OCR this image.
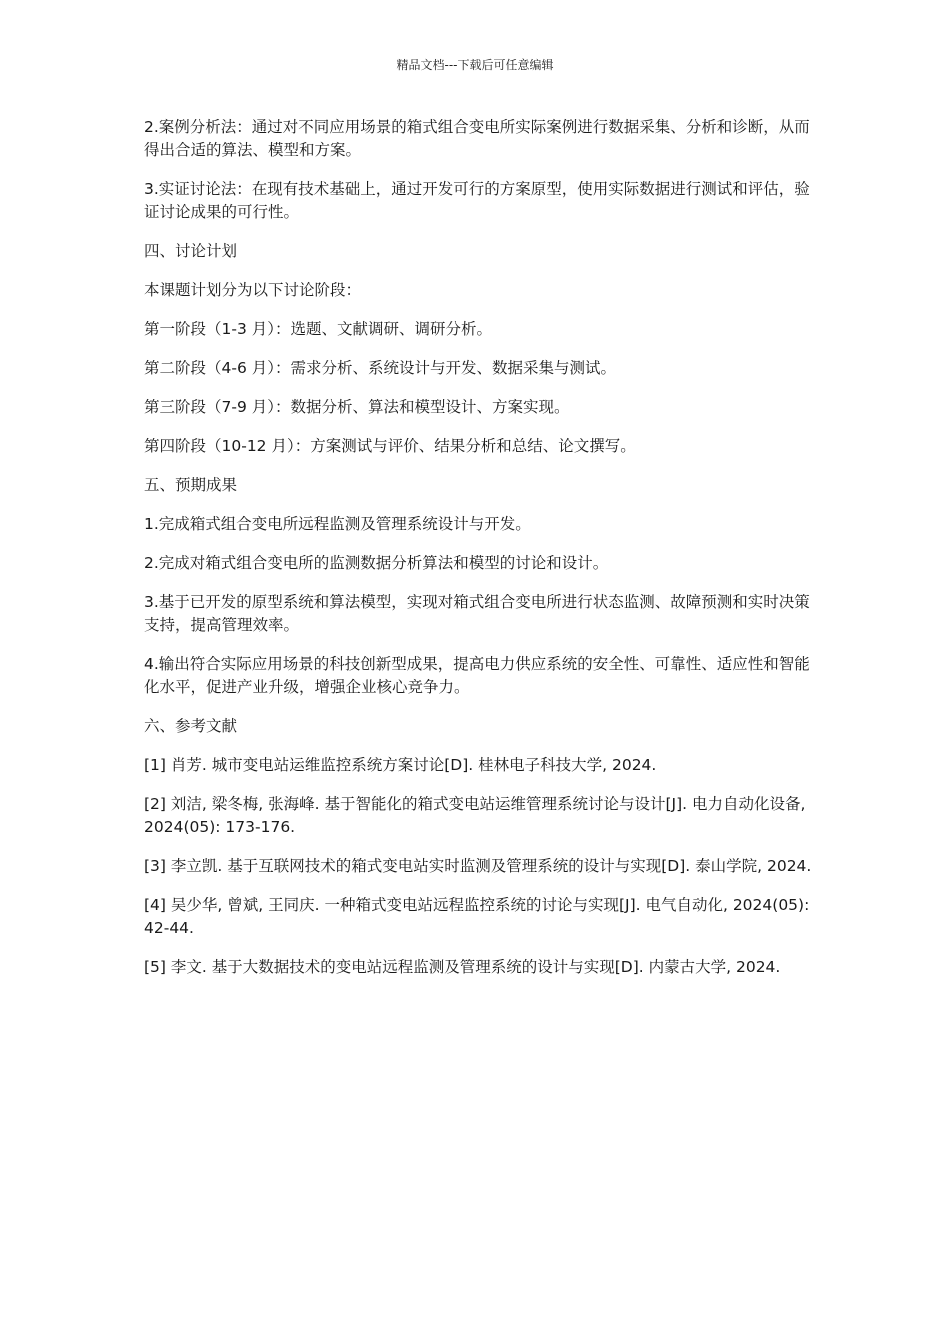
精品文档---下载后可任意编辑

2.案例分析法：通过对不同应用场景的箱式组合变电所实际案例进行数据采集、分析和诊断，从而得出合适的算法、模型和方案。

3.实证讨论法：在现有技术基础上，通过开发可行的方案原型，使用实际数据进行测试和评估，验证讨论成果的可行性。

四、讨论计划

本课题计划分为以下讨论阶段：

第一阶段（1-3 月）：选题、文献调研、调研分析。

第二阶段（4-6 月）：需求分析、系统设计与开发、数据采集与测试。

第三阶段（7-9 月）：数据分析、算法和模型设计、方案实现。

第四阶段（10-12 月）：方案测试与评价、结果分析和总结、论文撰写。

五、预期成果

1.完成箱式组合变电所远程监测及管理系统设计与开发。

2.完成对箱式组合变电所的监测数据分析算法和模型的讨论和设计。

3.基于已开发的原型系统和算法模型，实现对箱式组合变电所进行状态监测、故障预测和实时决策支持，提高管理效率。

4.输出符合实际应用场景的科技创新型成果，提高电力供应系统的安全性、可靠性、适应性和智能化水平，促进产业升级，增强企业核心竞争力。

六、参考文献

[1] 肖芳. 城市变电站运维监控系统方案讨论[D]. 桂林电子科技大学, 2024.

[2] 刘洁, 梁冬梅, 张海峰. 基于智能化的箱式变电站运维管理系统讨论与设计[J]. 电力自动化设备, 2024(05): 173-176.

[3] 李立凯. 基于互联网技术的箱式变电站实时监测及管理系统的设计与实现[D]. 泰山学院, 2024.

[4] 吴少华, 曾斌, 王同庆. 一种箱式变电站远程监控系统的讨论与实现[J]. 电气自动化, 2024(05): 42-44.

[5] 李文. 基于大数据技术的变电站远程监测及管理系统的设计与实现[D]. 内蒙古大学, 2024.
